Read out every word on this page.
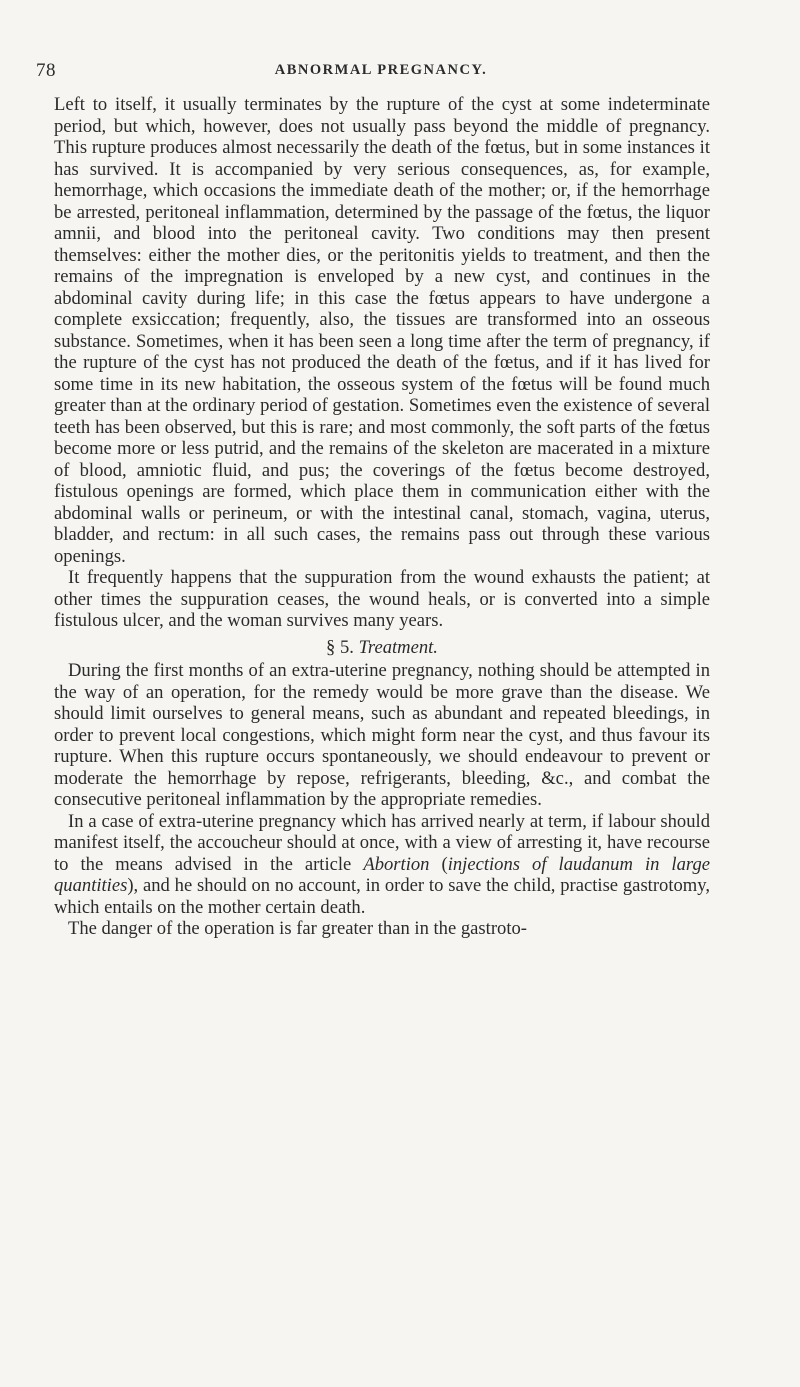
78	ABNORMAL PREGNANCY.

Left to itself, it usually terminates by the rupture of the cyst at some indeterminate period, but which, however, does not usually pass beyond the middle of pregnancy. This rupture produces almost necessarily the death of the fœtus, but in some instances it has survived. It is accompanied by very serious consequences, as, for example, hemorrhage, which occasions the immediate death of the mother; or, if the hemorrhage be arrested, peritoneal inflammation, determined by the passage of the fœtus, the liquor amnii, and blood into the peritoneal cavity. Two conditions may then present themselves: either the mother dies, or the peritonitis yields to treatment, and then the remains of the impregnation is enveloped by a new cyst, and continues in the abdominal cavity during life; in this case the fœtus appears to have undergone a complete exsiccation; frequently, also, the tissues are transformed into an osseous substance. Sometimes, when it has been seen a long time after the term of pregnancy, if the rupture of the cyst has not produced the death of the fœtus, and if it has lived for some time in its new habitation, the osseous system of the fœtus will be found much greater than at the ordinary period of gestation. Sometimes even the existence of several teeth has been observed, but this is rare; and most commonly, the soft parts of the fœtus become more or less putrid, and the remains of the skeleton are macerated in a mixture of blood, amniotic fluid, and pus; the coverings of the fœtus become destroyed, fistulous openings are formed, which place them in communication either with the abdominal walls or perineum, or with the intestinal canal, stomach, vagina, uterus, bladder, and rectum: in all such cases, the remains pass out through these various openings.

It frequently happens that the suppuration from the wound exhausts the patient; at other times the suppuration ceases, the wound heals, or is converted into a simple fistulous ulcer, and the woman survives many years.

§ 5. Treatment.

During the first months of an extra-uterine pregnancy, nothing should be attempted in the way of an operation, for the remedy would be more grave than the disease. We should limit ourselves to general means, such as abundant and repeated bleedings, in order to prevent local congestions, which might form near the cyst, and thus favour its rupture. When this rupture occurs spontaneously, we should endeavour to prevent or moderate the hemorrhage by repose, refrigerants, bleeding, &c., and combat the consecutive peritoneal inflammation by the appropriate remedies.

In a case of extra-uterine pregnancy which has arrived nearly at term, if labour should manifest itself, the accoucheur should at once, with a view of arresting it, have recourse to the means advised in the article Abortion (injections of laudanum in large quantities), and he should on no account, in order to save the child, practise gastrotomy, which entails on the mother certain death.

The danger of the operation is far greater than in the gastroto-
